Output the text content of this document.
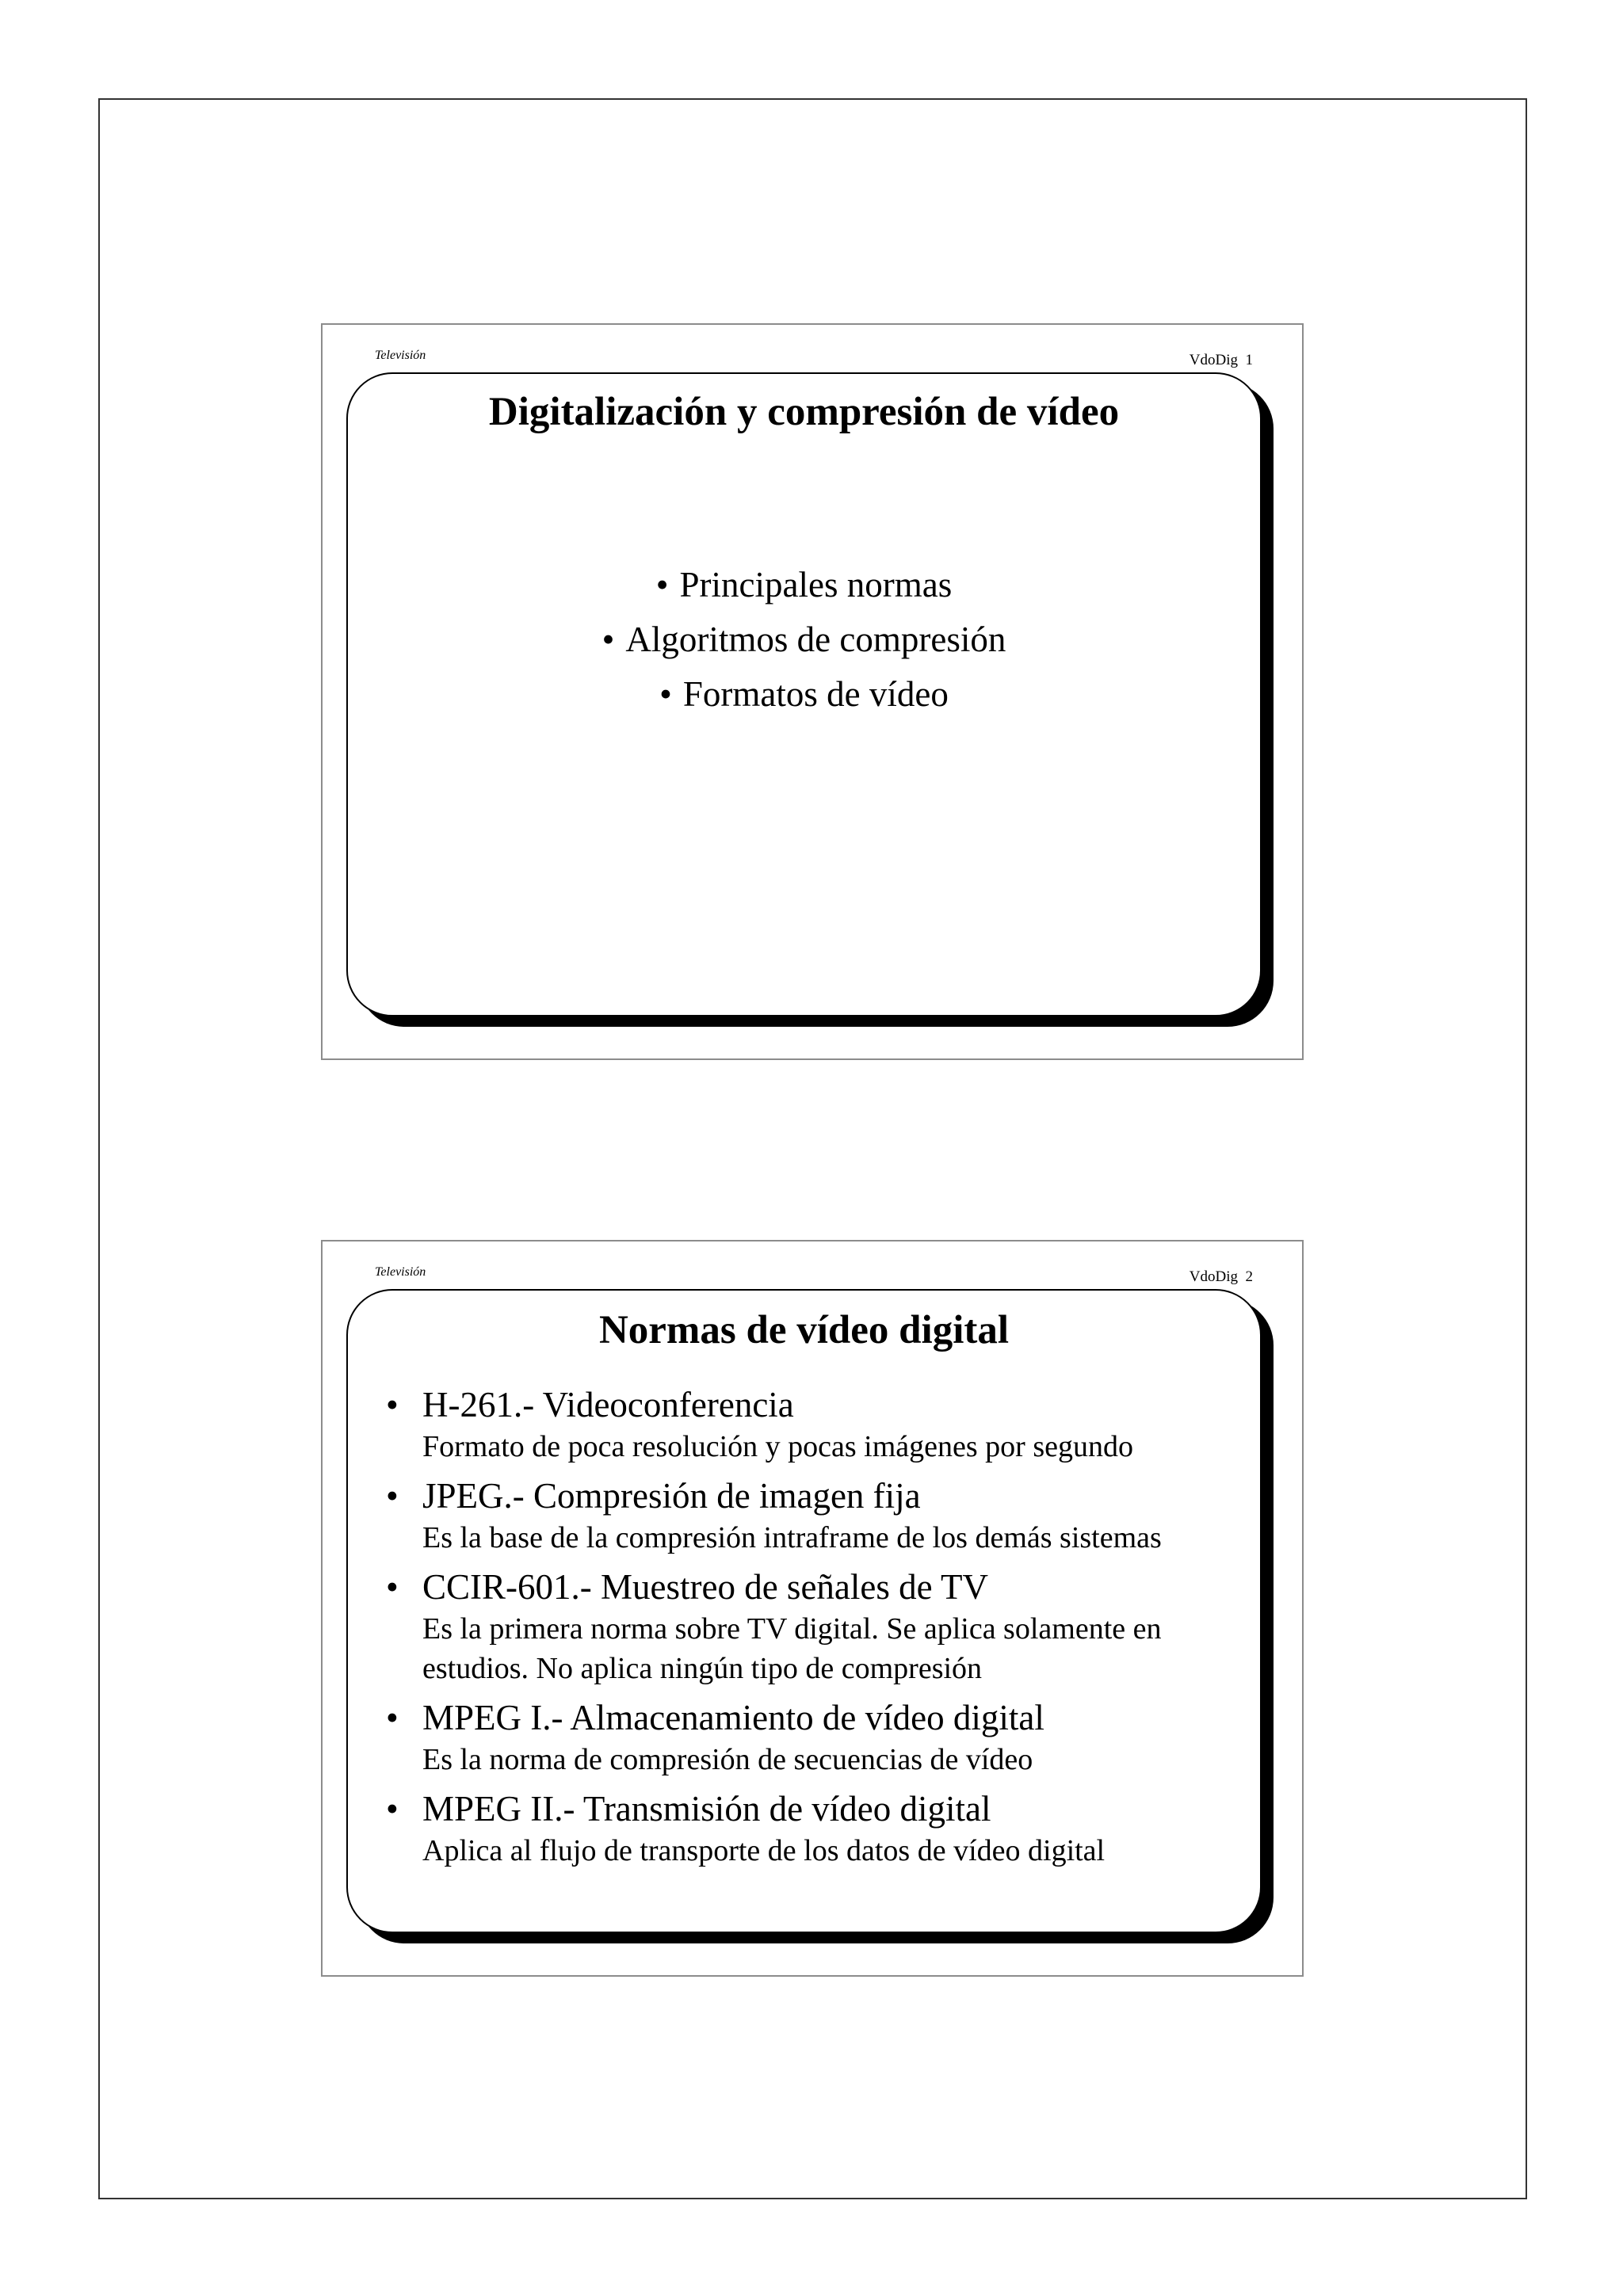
Televisión	VdoDig  1
Digitalización y compresión de vídeo
• Principales normas
• Algoritmos de compresión
• Formatos de vídeo
Televisión	VdoDig  2
Normas de vídeo digital
• H-261.- Videoconferencia
Formato de poca resolución y pocas imágenes por segundo
• JPEG.- Compresión de imagen fija
Es la base de la compresión intraframe de los demás sistemas
• CCIR-601.- Muestreo de señales de TV
Es la primera norma sobre TV digital. Se aplica solamente en estudios. No aplica ningún tipo de compresión
• MPEG I.- Almacenamiento de vídeo digital
Es la norma de compresión de secuencias de vídeo
• MPEG II.- Transmisión de vídeo digital
Aplica al flujo de transporte de los datos de vídeo digital
